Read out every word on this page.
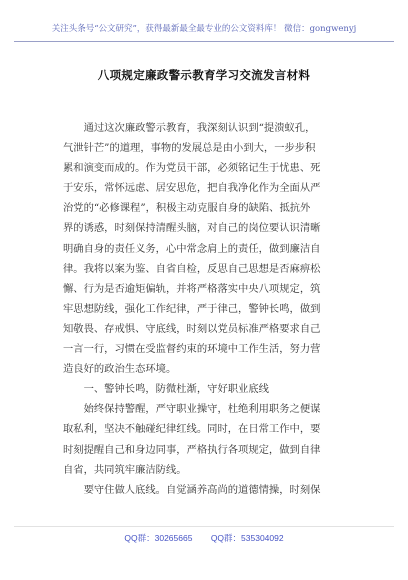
关注头条号“公文研究”，获得最新最全最专业的公文资料库！ 微信：gongwenyj
八项规定廉政警示教育学习交流发言材料

　　通过这次廉政警示教育，我深刻认识到“提溃蚁孔，

气泄针芒”的道理，事物的发展总是由小到大，一步步积

累和演变而成的。作为党员干部，必须铭记生于忧患、死

于安乐，常怀远虑、居安思危，把自我净化作为全面从严

治党的“必修课程”，积极主动克服自身的缺陷、抵抗外

界的诱惑，时刻保持清醒头脑，对自己的岗位要认识清晰

明确自身的责任义务，心中常念肩上的责任，做到廉洁自

律。我将以案为鉴、自省自检，反思自己思想是否麻痹松

懈、行为是否逾矩偏轨，并将严格落实中央八项规定，筑

牢思想防线，强化工作纪律，严于律己，警钟长鸣，做到

知敬畏、存戒惧、守底线，时刻以党员标准严格要求自己

一言一行，习惯在受监督约束的环境中工作生活，努力营

造良好的政治生态环境。

　　一、警钟长鸣，防微杜渐，守好职业底线

　　始终保持警醒，严守职业操守，杜绝利用职务之便谋

取私利，坚决不触碰纪律红线。同时，在日常工作中，要

时刻提醒自己和身边同事，严格执行各项规定，做到自律

自省，共同筑牢廉洁防线。

　　要守住做人底线。自觉涵养高尚的道德情操，时刻保

QQ群：30265665 QQ群：535304092
